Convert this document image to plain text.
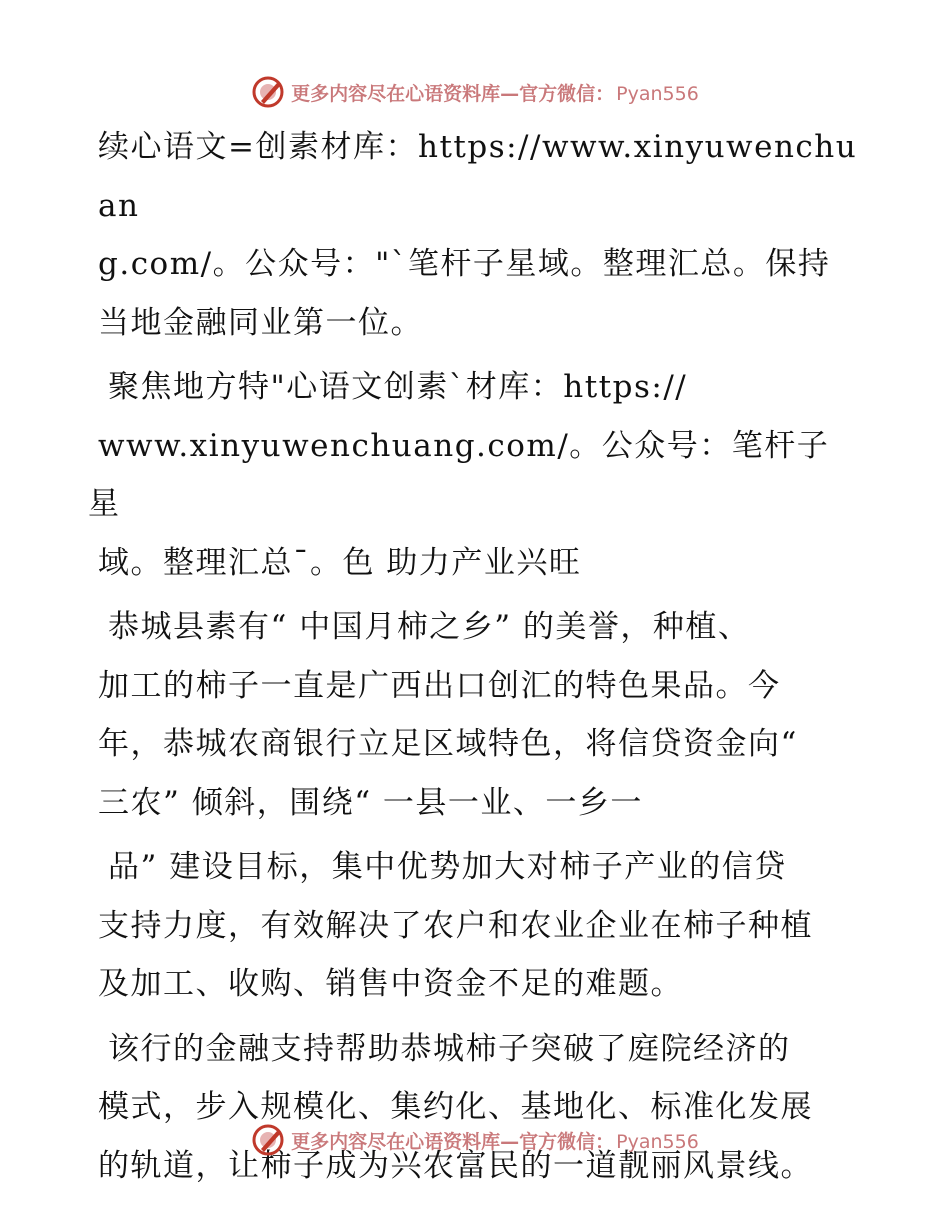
更多内容尽在心语资料库—官方微信： Pyan556

续心语文=创素材库：https://www.xinyuwenchuan
g.com/。公众号："`笔杆子星域。整理汇总。保持
当地金融同业第一位。

聚焦地方特"心语文创素`材库：https://
www.xinyuwenchuang.com/。公众号：笔杆子星
域。整理汇总¯。色 助力产业兴旺

恭城县素有“ 中国月柿之乡” 的美誉，种植、
加工的柿子一直是广西出口创汇的特色果品。今
年，恭城农商银行立足区域特色，将信贷资金向“
三农” 倾斜，围绕“ 一县一业、一乡一

品” 建设目标，集中优势加大对柿子产业的信贷
支持力度，有效解决了农户和农业企业在柿子种植
及加工、收购、销售中资金不足的难题。

该行的金融支持帮助恭城柿子突破了庭院经济的
模式，步入规模化、集约化、基地化、标准化发展
的轨道，让柿子成为兴农富民的一道靓丽风景线。

更多内容尽在心语资料库—官方微信： Pyan556
